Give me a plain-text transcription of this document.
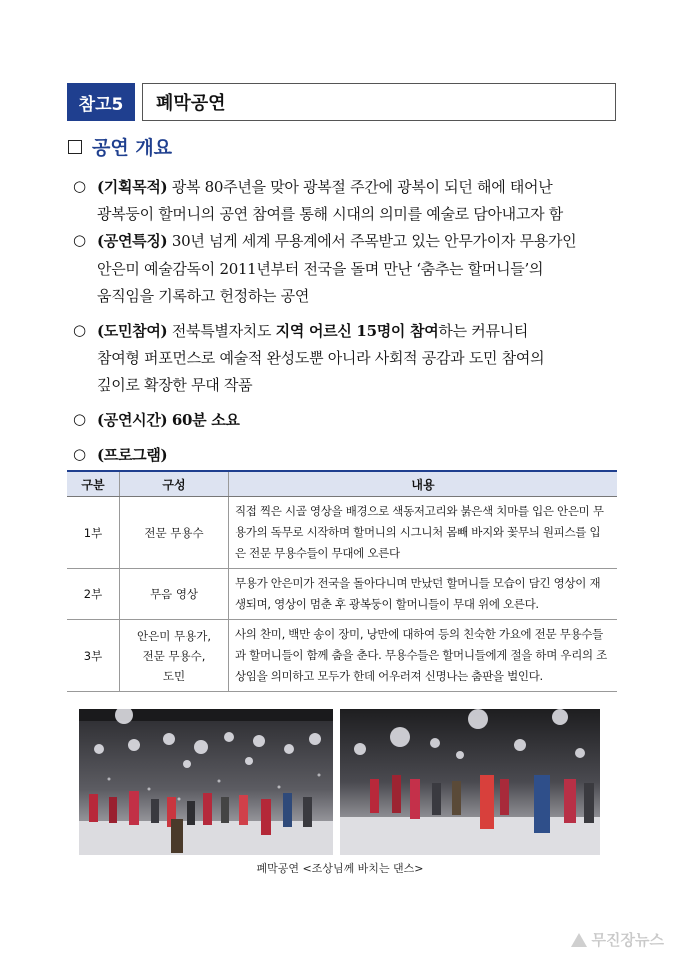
참고5	폐막공연
공연 개요
○ (기획목적) 광복 80주년을 맞아 광복절 주간에 광복이 되던 해에 태어난
광복둥이 할머니의 공연 참여를 통해 시대의 의미를 예술로 담아내고자 함
○ (공연특징) 30년 넘게 세계 무용계에서 주목받고 있는 안무가이자 무용가인
안은미 예술감독이 2011년부터 전국을 돌며 만난 ‘춤추는 할머니들’의
움직임을 기록하고 헌정하는 공연
○ (도민참여) 전북특별자치도 지역 어르신 15명이 참여하는 커뮤니티
참여형 퍼포먼스로 예술적 완성도뿐 아니라 사회적 공감과 도민 참여의
깊이로 확장한 무대 작품
○ (공연시간) 60분 소요
○ (프로그램)
구분	구성	내용
1부	전문 무용수	직접 찍은 시골 영상을 배경으로 색동저고리와 붉은색 치마를 입은 안은미 무용가의 독무로 시작하며 할머니의 시그니처 몸빼 바지와 꽃무늬 원피스를 입은 전문 무용수들이 무대에 오른다
2부	무음 영상	무용가 안은미가 전국을 돌아다니며 만났던 할머니들 모습이 담긴 영상이 재생되며, 영상이 멈춘 후 광복둥이 할머니들이 무대 위에 오른다.
3부	안은미 무용가,
전문 무용수,
도민	사의 찬미, 백만 송이 장미, 낭만에 대하여 등의 친숙한 가요에 전문 무용수들과 할머니들이 함께 춤을 춘다. 무용수들은 할머니들에게 절을 하며 우리의 조상임을 의미하고 모두가 한데 어우러져 신명나는 춤판을 벌인다.
폐막공연 <조상님께 바치는 댄스>
무진장뉴스
